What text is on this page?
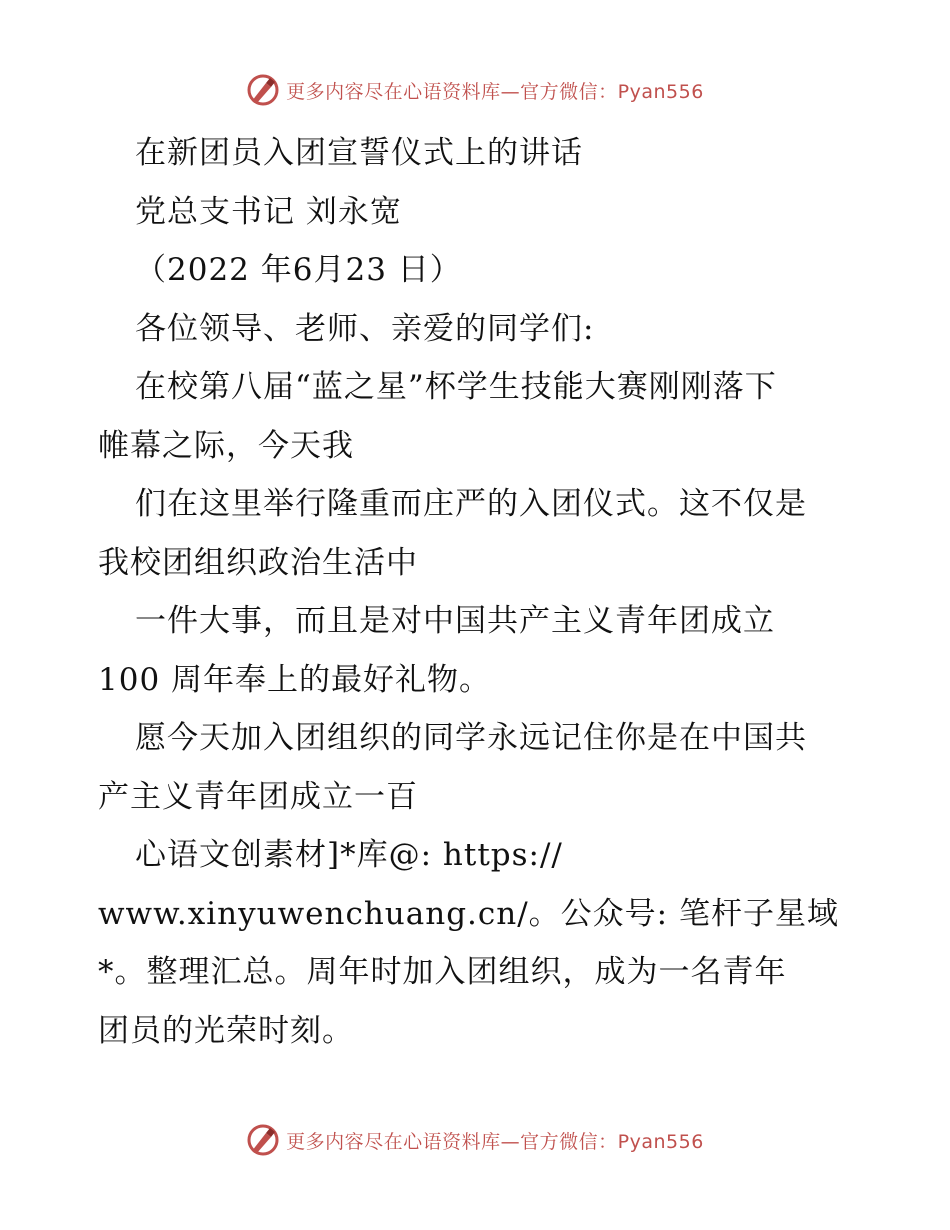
更多内容尽在心语资料库—官方微信：Pyan556
在新团员入团宣誓仪式上的讲话
党总支书记 刘永宽
（2022 年6月23 日）
各位领导、老师、亲爱的同学们:
在校第八届“蓝之星”杯学生技能大赛刚刚落下
帷幕之际，今天我
们在这里举行隆重而庄严的入团仪式。这不仅是
我校团组织政治生活中
一件大事，而且是对中国共产主义青年团成立
100 周年奉上的最好礼物。
愿今天加入团组织的同学永远记住你是在中国共
产主义青年团成立一百
心语文创素材]*库@: https://
www.xinyuwenchuang.cn/。公众号: 笔杆子星域
*。整理汇总。周年时加入团组织，成为一名青年
团员的光荣时刻。
更多内容尽在心语资料库—官方微信：Pyan556
